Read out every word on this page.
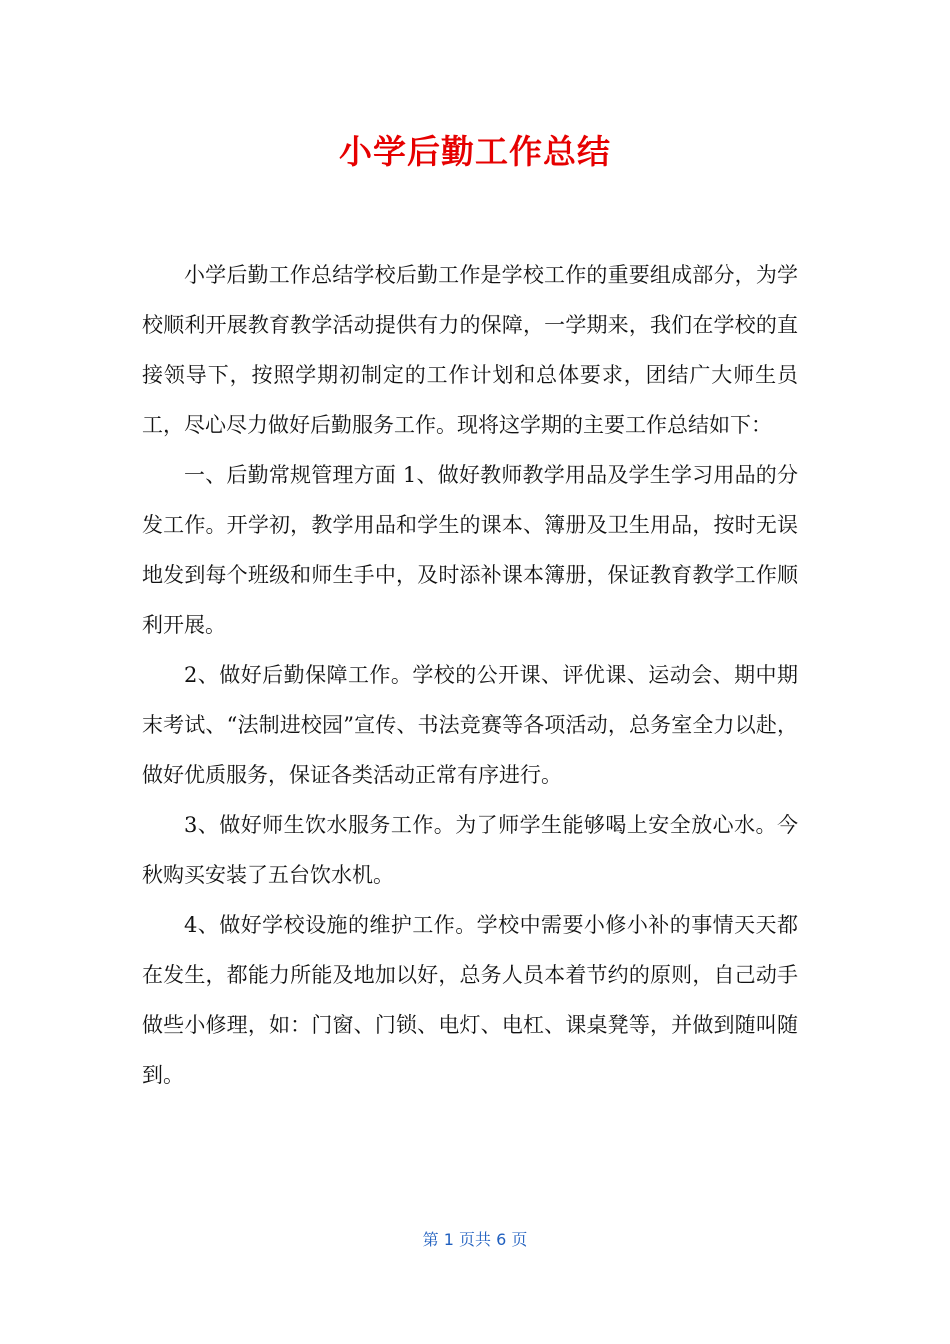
小学后勤工作总结

小学后勤工作总结学校后勤工作是学校工作的重要组成部分，为学校顺利开展教育教学活动提供有力的保障，一学期来，我们在学校的直接领导下，按照学期初制定的工作计划和总体要求，团结广大师生员工，尽心尽力做好后勤服务工作。现将这学期的主要工作总结如下：

一、后勤常规管理方面 1、做好教师教学用品及学生学习用品的分发工作。开学初，教学用品和学生的课本、簿册及卫生用品，按时无误地发到每个班级和师生手中，及时添补课本簿册，保证教育教学工作顺利开展。

2、做好后勤保障工作。学校的公开课、评优课、运动会、期中期末考试、“法制进校园”宣传、书法竞赛等各项活动，总务室全力以赴，做好优质服务，保证各类活动正常有序进行。

3、做好师生饮水服务工作。为了师学生能够喝上安全放心水。今秋购买安装了五台饮水机。

4、做好学校设施的维护工作。学校中需要小修小补的事情天天都在发生，都能力所能及地加以好，总务人员本着节约的原则，自己动手做些小修理，如：门窗、门锁、电灯、电杠、课桌凳等，并做到随叫随到。

第 1 页共 6 页
